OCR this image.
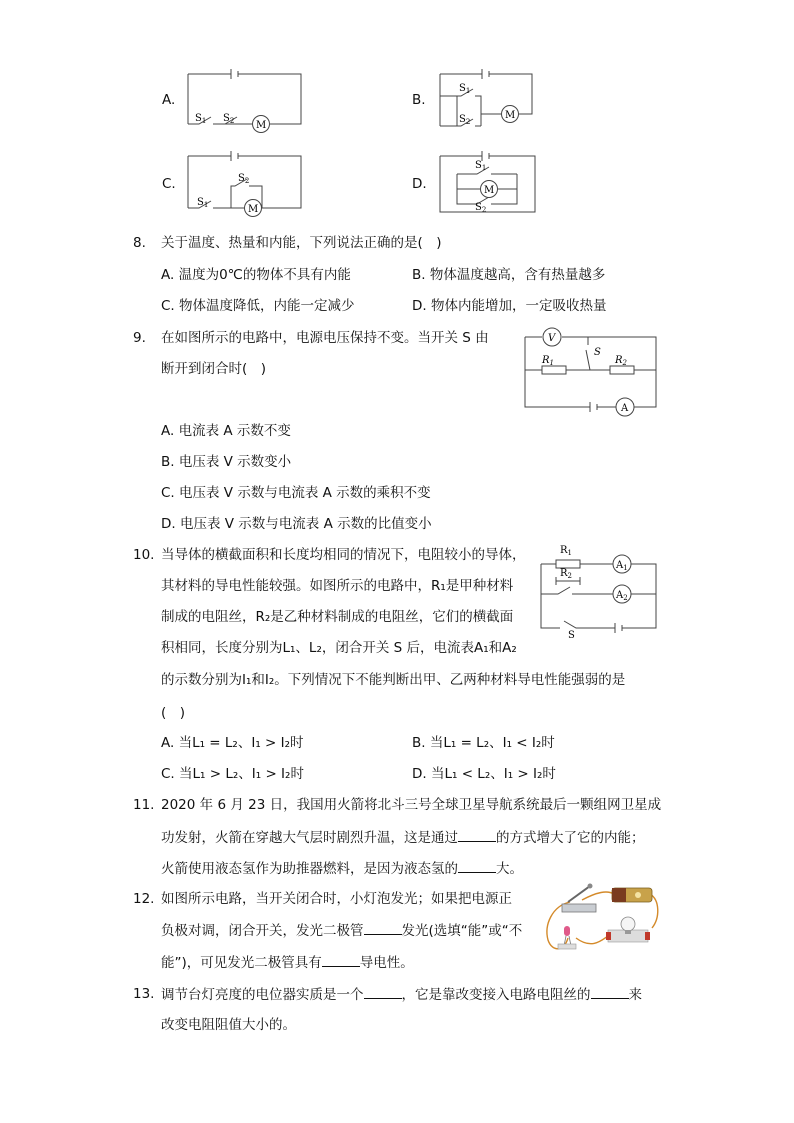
A.
$S_1$ $S_2$ M
B.
$S_1$
$S_2$
M
C.
$S_1$
$S_2$
M
D.
$S_1$
$S_2$
M
8. 关于温度、热量和内能，下列说法正确的是(　)
A. 温度为0℃的物体不具有内能	B. 物体温度越高，含有热量越多
C. 物体温度降低，内能一定减少	D. 物体内能增加，一定吸收热量
9. 在如图所示的电路中，电源电压保持不变。当开关 S 由
断开到闭合时(　)
V
S
$R_1$	$R_2$
A
A. 电流表 A 示数不变
B. 电压表 V 示数变小
C. 电压表 V 示数与电流表 A 示数的乘积不变
D. 电压表 V 示数与电流表 A 示数的比值变小
10. 当导体的横截面积和长度均相同的情况下，电阻较小的导体，
其材料的导电性能较强。如图所示的电路中，R₁是甲种材料
制成的电阻丝，R₂是乙种材料制成的电阻丝，它们的横截面
积相同，长度分别为L₁、L₂，闭合开关 S 后，电流表A₁和A₂
的示数分别为I₁和I₂。下列情况下不能判断出甲、乙两种材料导电性能强弱的是
(　)
$R_1$
$R_2$
$A_1$
$A_2$
S
A. 当L₁ = L₂、I₁ > I₂时	B. 当L₁ = L₂、I₁ < I₂时
C. 当L₁ > L₂、I₁ > I₂时	D. 当L₁ < L₂、I₁ > I₂时
11. 2020 年 6 月 23 日，我国用火箭将北斗三号全球卫星导航系统最后一颗组网卫星成
功发射，火箭在穿越大气层时剧烈升温，这是通过	的方式增大了它的内能；
火箭使用液态氢作为助推器燃料，是因为液态氢的	大。
12. 如图所示电路，当开关闭合时，小灯泡发光；如果把电源正
负极对调，闭合开关，发光二极管	发光(选填“能”或“不
能”)，可见发光二极管具有	导电性。
13. 调节台灯亮度的电位器实质是一个	，它是靠改变接入电路电阻丝的	来
改变电阻阻值大小的。
